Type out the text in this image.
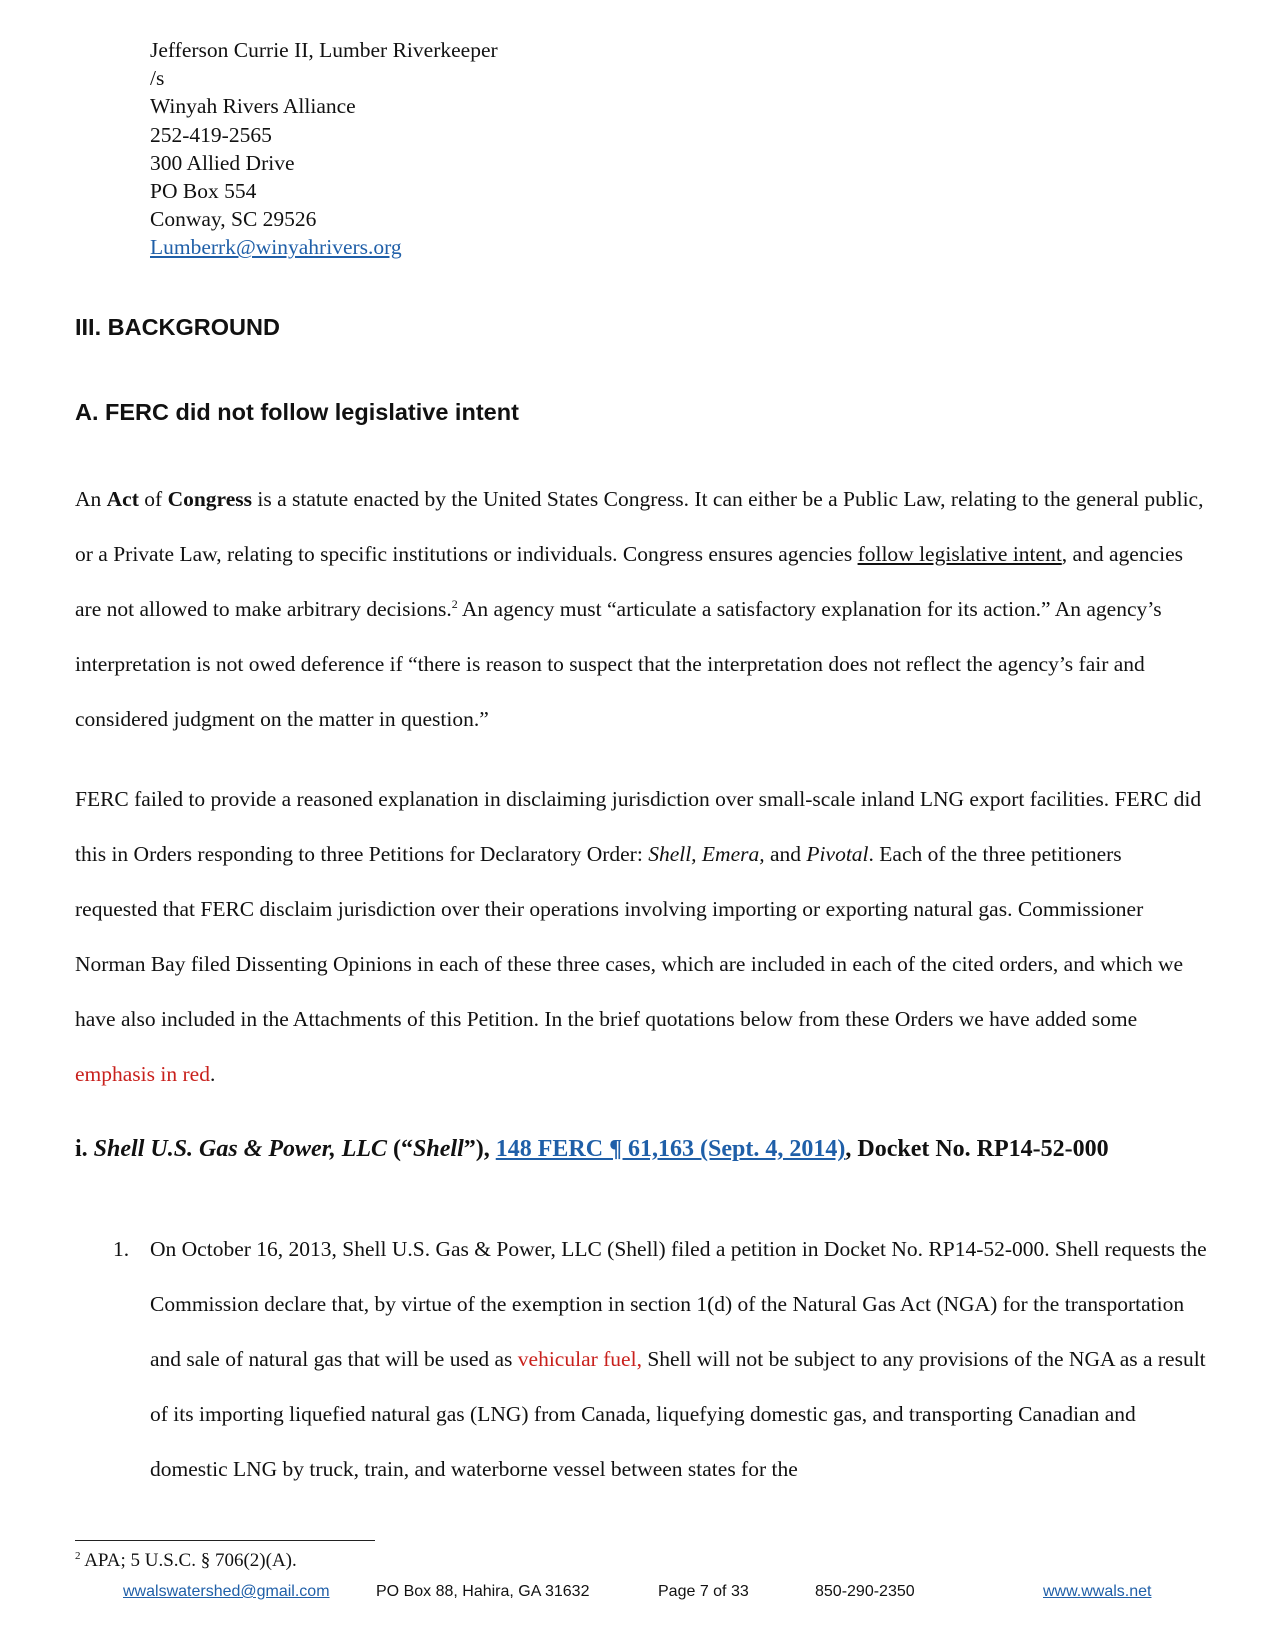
Jefferson Currie II, Lumber Riverkeeper
/s
Winyah Rivers Alliance
252-419-2565
300 Allied Drive
PO Box 554
Conway, SC 29526
Lumberrk@winyahrivers.org
III. BACKGROUND
A. FERC did not follow legislative intent
An Act of Congress is a statute enacted by the United States Congress. It can either be a Public Law, relating to the general public, or a Private Law, relating to specific institutions or individuals. Congress ensures agencies follow legislative intent, and agencies are not allowed to make arbitrary decisions.$^2$ An agency must “articulate a satisfactory explanation for its action.” An agency’s interpretation is not owed deference if “there is reason to suspect that the interpretation does not reflect the agency’s fair and considered judgment on the matter in question.”
FERC failed to provide a reasoned explanation in disclaiming jurisdiction over small-scale inland LNG export facilities. FERC did this in Orders responding to three Petitions for Declaratory Order: Shell, Emera, and Pivotal. Each of the three petitioners requested that FERC disclaim jurisdiction over their operations involving importing or exporting natural gas. Commissioner Norman Bay filed Dissenting Opinions in each of these three cases, which are included in each of the cited orders, and which we have also included in the Attachments of this Petition. In the brief quotations below from these Orders we have added some emphasis in red.
i. Shell U.S. Gas & Power, LLC (“Shell”), 148 FERC ¶ 61,163 (Sept. 4, 2014), Docket No. RP14-52-000
1. On October 16, 2013, Shell U.S. Gas & Power, LLC (Shell) filed a petition in Docket No. RP14-52-000. Shell requests the Commission declare that, by virtue of the exemption in section 1(d) of the Natural Gas Act (NGA) for the transportation and sale of natural gas that will be used as vehicular fuel, Shell will not be subject to any provisions of the NGA as a result of its importing liquefied natural gas (LNG) from Canada, liquefying domestic gas, and transporting Canadian and domestic LNG by truck, train, and waterborne vessel between states for the
$^2$ APA; 5 U.S.C. § 706(2)(A).
wwalswatershed@gmail.com	PO Box 88, Hahira, GA 31632	Page 7 of 33	850-290-2350	www.wwals.net
